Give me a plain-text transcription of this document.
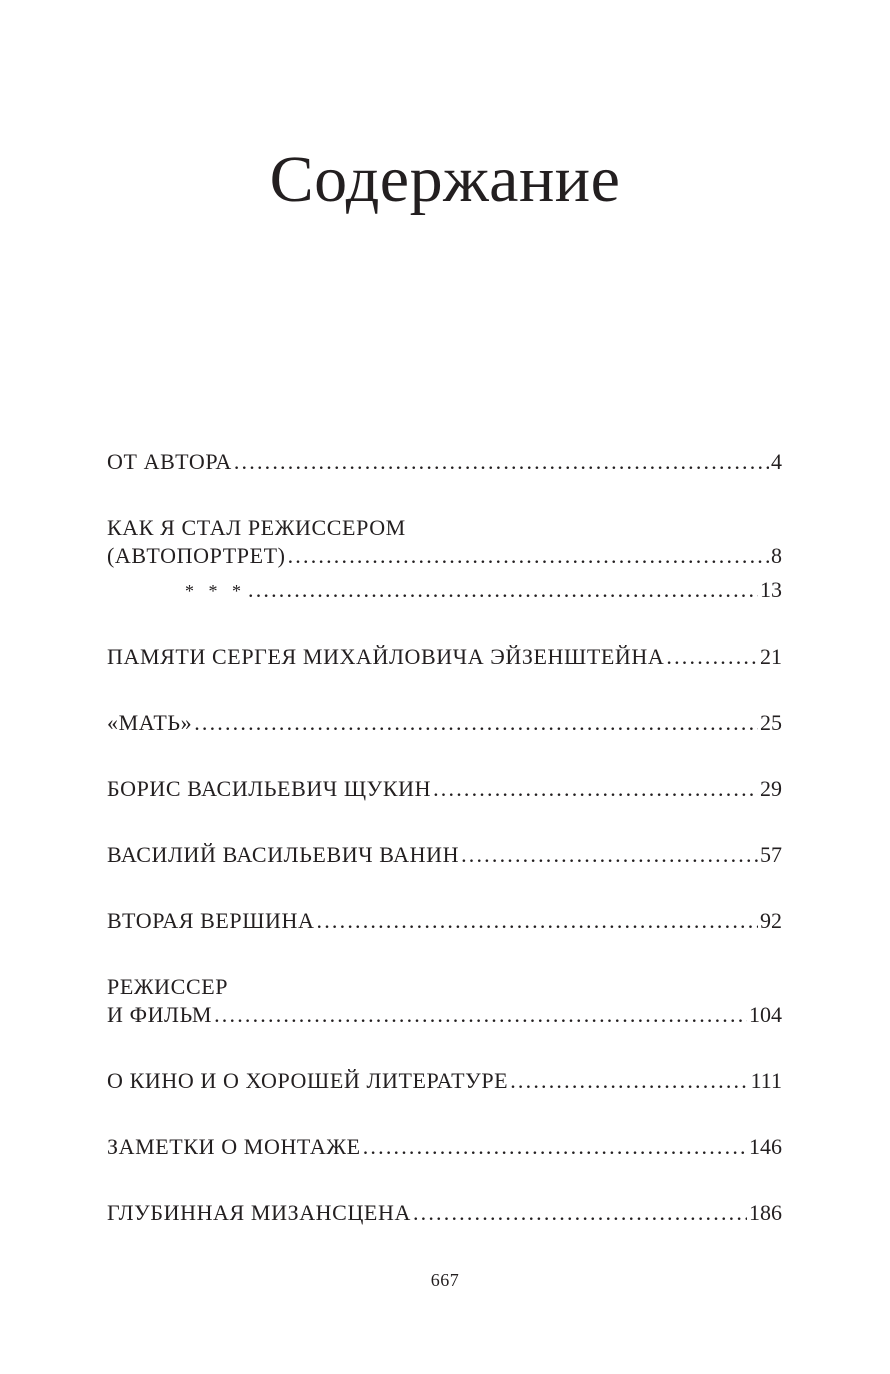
Содержание
ОТ АВТОРА .....	4
КАК Я СТАЛ РЕЖИССЕРОМ
(АВТОПОРТРЕТ) .....	8
* * * .....	13
ПАМЯТИ СЕРГЕЯ МИХАЙЛОВИЧА ЭЙЗЕНШТЕЙНА .....	21
«МАТЬ» .....	25
БОРИС ВАСИЛЬЕВИЧ ЩУКИН .....	29
ВАСИЛИЙ ВАСИЛЬЕВИЧ ВАНИН .....	57
ВТОРАЯ ВЕРШИНА .....	92
РЕЖИССЕР
И ФИЛЬМ .....	104
О КИНО И О ХОРОШЕЙ ЛИТЕРАТУРЕ .....	111
ЗАМЕТКИ О МОНТАЖЕ .....	146
ГЛУБИННАЯ МИЗАНСЦЕНА .....	186
667
